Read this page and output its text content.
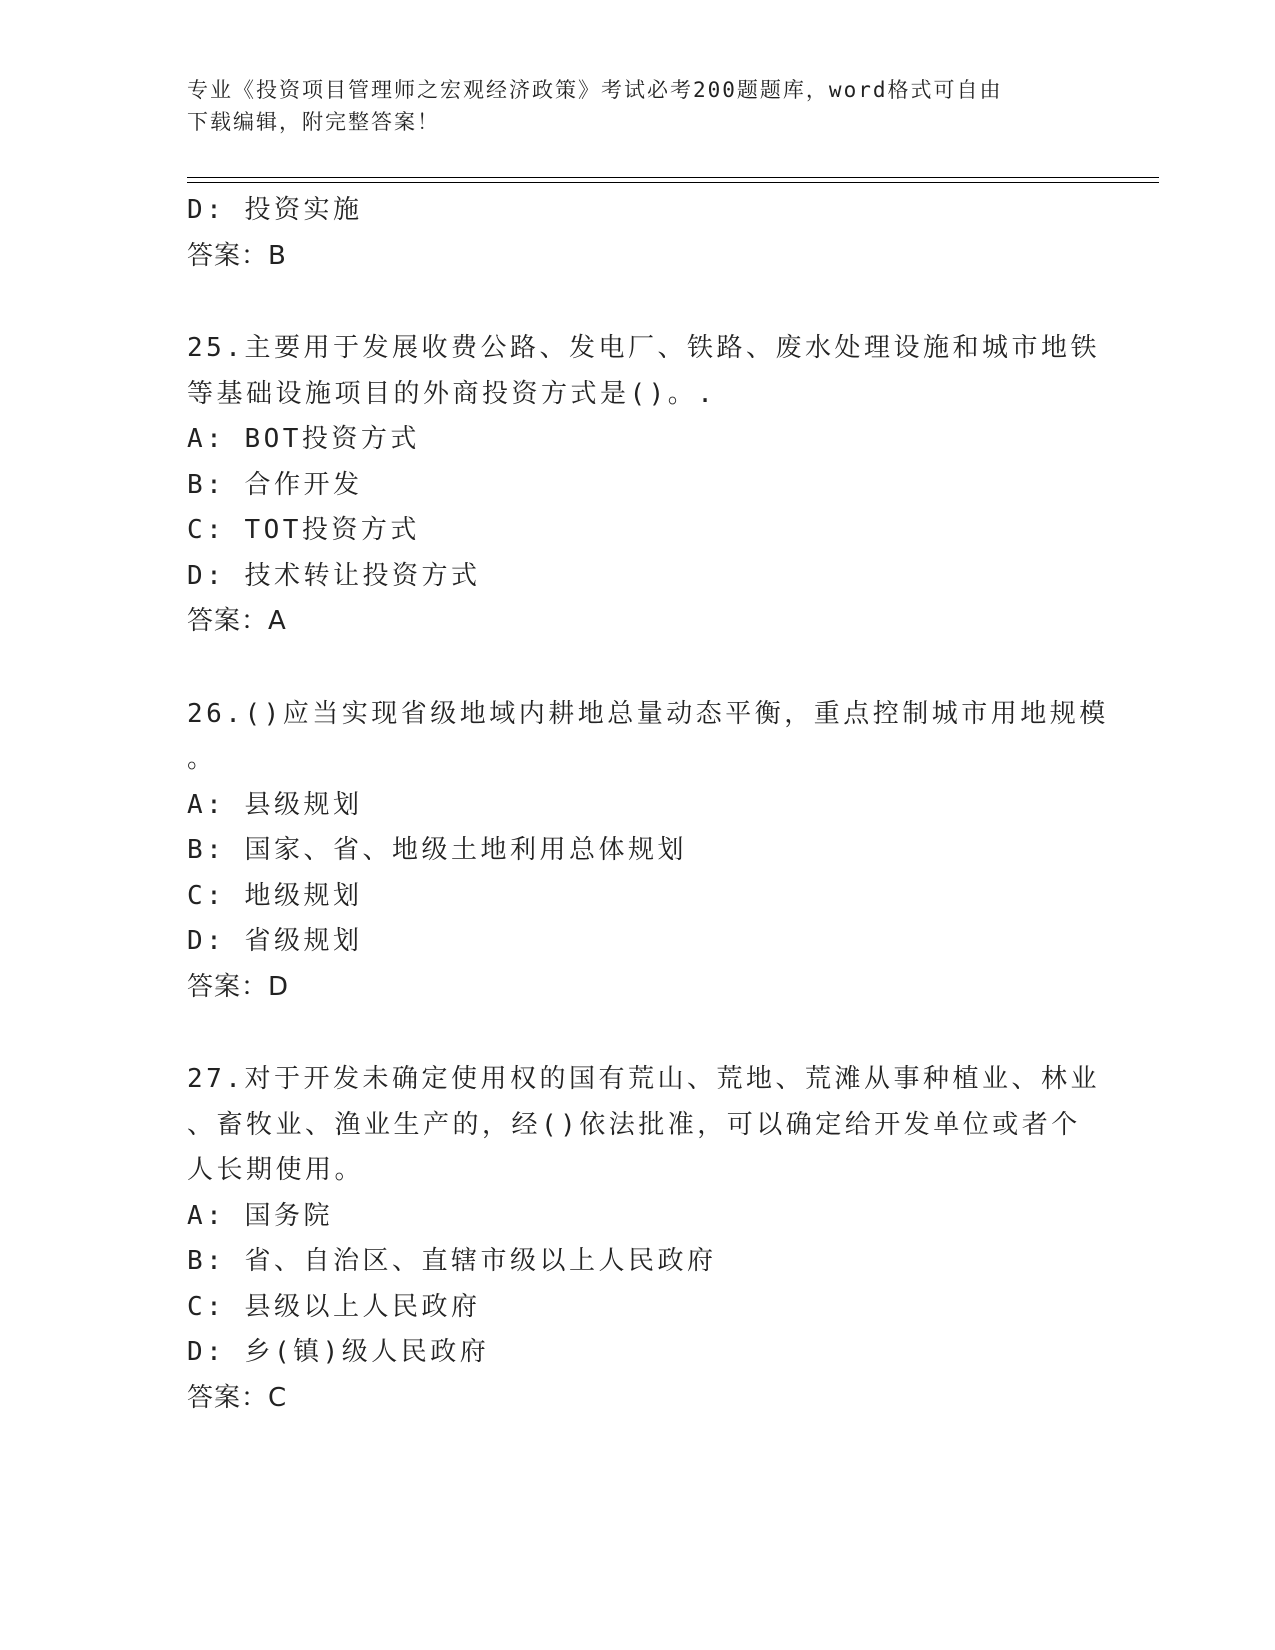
专业《投资项目管理师之宏观经济政策》考试必考200题题库，word格式可自由
下载编辑，附完整答案！
D: 投资实施
答案：B
25.主要用于发展收费公路、发电厂、铁路、废水处理设施和城市地铁
等基础设施项目的外商投资方式是()。.
A: BOT投资方式
B: 合作开发
C: TOT投资方式
D: 技术转让投资方式
答案：A
26.()应当实现省级地域内耕地总量动态平衡，重点控制城市用地规模
。
A: 县级规划
B: 国家、省、地级土地利用总体规划
C: 地级规划
D: 省级规划
答案：D
27.对于开发未确定使用权的国有荒山、荒地、荒滩从事种植业、林业
、畜牧业、渔业生产的，经()依法批准，可以确定给开发单位或者个
人长期使用。
A: 国务院
B: 省、自治区、直辖市级以上人民政府
C: 县级以上人民政府
D: 乡(镇)级人民政府
答案：C
